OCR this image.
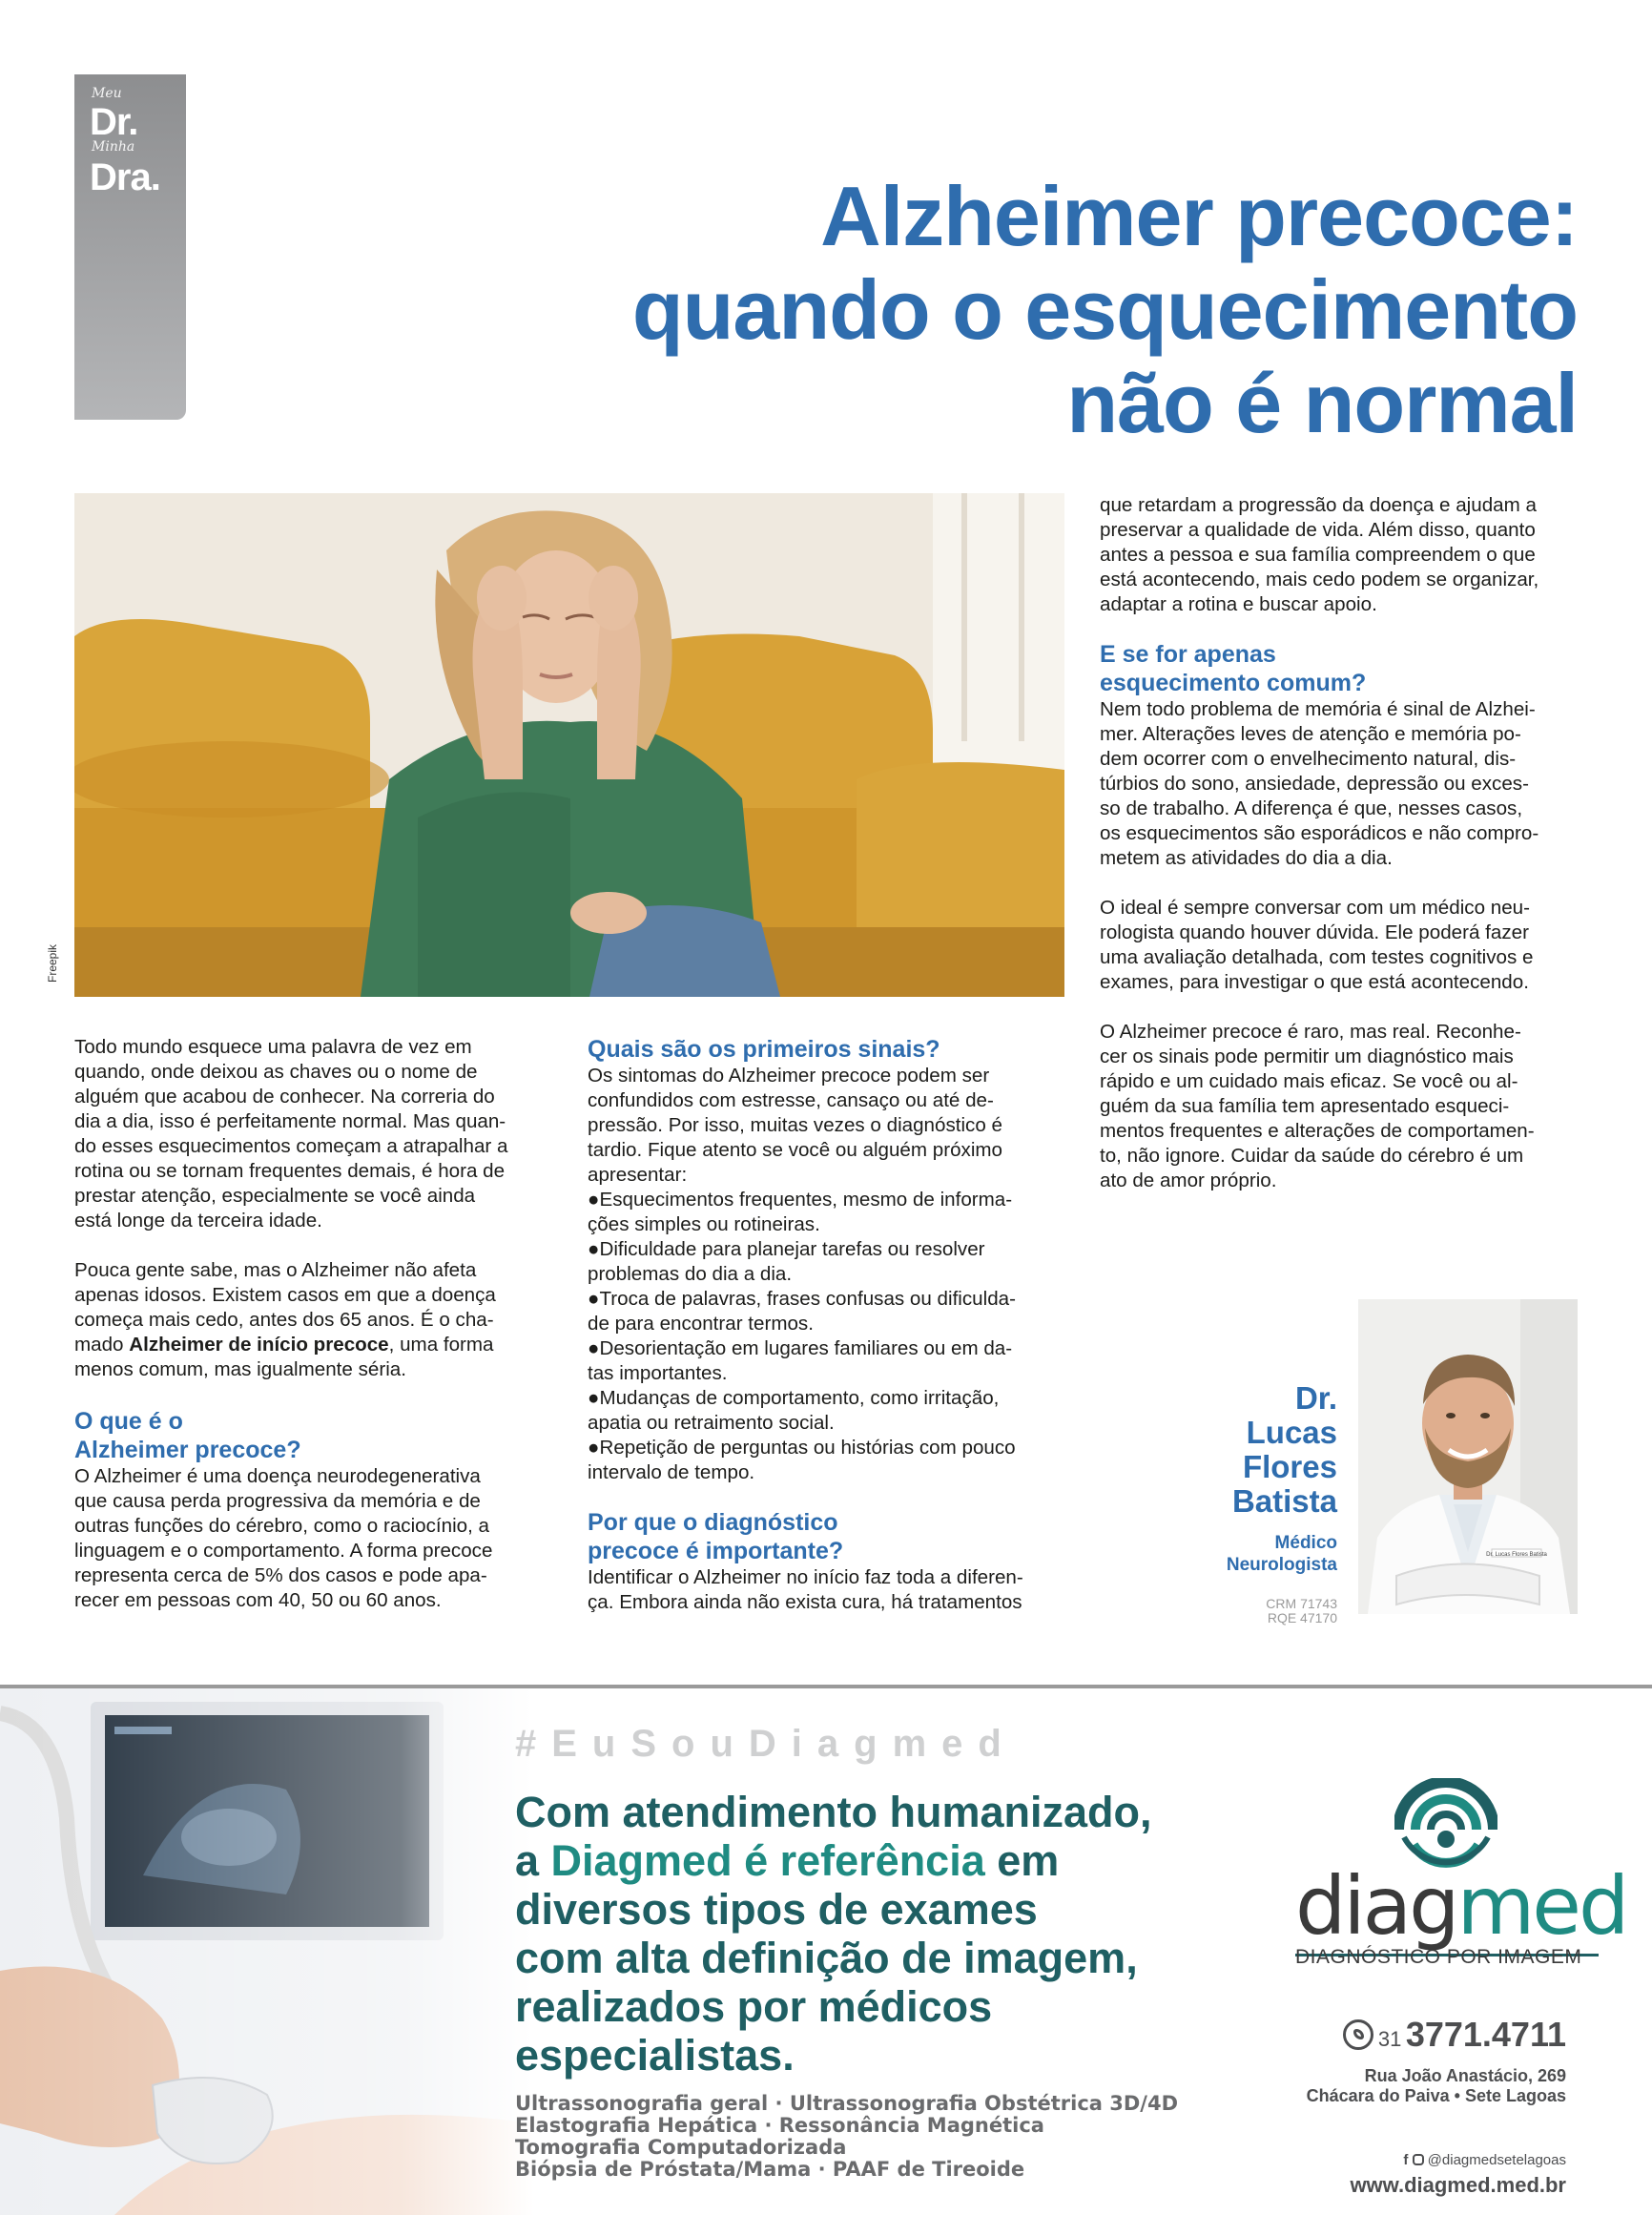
Meu
Dr.
Minha
Dra.	Alzheimer precoce:
quando o esquecimento
não é normal
Freepik

Todo mundo esquece uma palavra de vez em
quando, onde deixou as chaves ou o nome de
alguém que acabou de conhecer. Na correria do
dia a dia, isso é perfeitamente normal. Mas quan-
do esses esquecimentos começam a atrapalhar a
rotina ou se tornam frequentes demais, é hora de
prestar atenção, especialmente se você ainda
está longe da terceira idade.

Pouca gente sabe, mas o Alzheimer não afeta
apenas idosos. Existem casos em que a doença
começa mais cedo, antes dos 65 anos. É o cha-
mado Alzheimer de início precoce, uma forma
menos comum, mas igualmente séria.

O que é o
Alzheimer precoce?

O Alzheimer é uma doença neurodegenerativa
que causa perda progressiva da memória e de
outras funções do cérebro, como o raciocínio, a
linguagem e o comportamento. A forma precoce
representa cerca de 5% dos casos e pode apa-
recer em pessoas com 40, 50 ou 60 anos.

Quais são os primeiros sinais?

Os sintomas do Alzheimer precoce podem ser
confundidos com estresse, cansaço ou até de-
pressão. Por isso, muitas vezes o diagnóstico é
tardio. Fique atento se você ou alguém próximo
apresentar:

●Esquecimentos frequentes, mesmo de informa-
ções simples ou rotineiras.
●Dificuldade para planejar tarefas ou resolver
problemas do dia a dia.
●Troca de palavras, frases confusas ou dificulda-
de para encontrar termos.
●Desorientação em lugares familiares ou em da-
tas importantes.
●Mudanças de comportamento, como irritação,
apatia ou retraimento social.
●Repetição de perguntas ou histórias com pouco
intervalo de tempo.
Por que o diagnóstico
precoce é importante?

Identificar o Alzheimer no início faz toda a diferen-
ça. Embora ainda não exista cura, há tratamentos

que retardam a progressão da doença e ajudam a
preservar a qualidade de vida. Além disso, quanto
antes a pessoa e sua família compreendem o que
está acontecendo, mais cedo podem se organizar,
adaptar a rotina e buscar apoio.

E se for apenas
esquecimento comum?

Nem todo problema de memória é sinal de Alzhei-
mer. Alterações leves de atenção e memória po-
dem ocorrer com o envelhecimento natural, dis-
túrbios do sono, ansiedade, depressão ou exces-
so de trabalho. A diferença é que, nesses casos,
os esquecimentos são esporádicos e não compro-
metem as atividades do dia a dia.

O ideal é sempre conversar com um médico neu-
rologista quando houver dúvida. Ele poderá fazer
uma avaliação detalhada, com testes cognitivos e
exames, para investigar o que está acontecendo.

O Alzheimer precoce é raro, mas real. Reconhe-
cer os sinais pode permitir um diagnóstico mais
rápido e um cuidado mais eficaz. Se você ou al-
guém da sua família tem apresentado esqueci-
mentos frequentes e alterações de comportamen-
to, não ignore. Cuidar da saúde do cérebro é um
ato de amor próprio.

Dr.
Lucas
Flores
Batista
Médico
Neurologista
CRM 71743
RQE 47170
Dr. Lucas Flores Batista
#EuSouDiagmed
Com atendimento humanizado,
a Diagmed é referência em
diversos tipos de exames
com alta definição de imagem,
realizados por médicos
especialistas.
Ultrassonografia geral · Ultrassonografia Obstétrica 3D/4D
Elastografia Hepática · Ressonância Magnética
Tomografia Computadorizada
Biópsia de Próstata/Mama · PAAF de Tireoide
diagmed
DIAGNÓSTICO POR IMAGEM
31 3771.4711
Rua João Anastácio, 269
Chácara do Paiva • Sete Lagoas
f @diagmedsetelagoas
www.diagmed.med.br
